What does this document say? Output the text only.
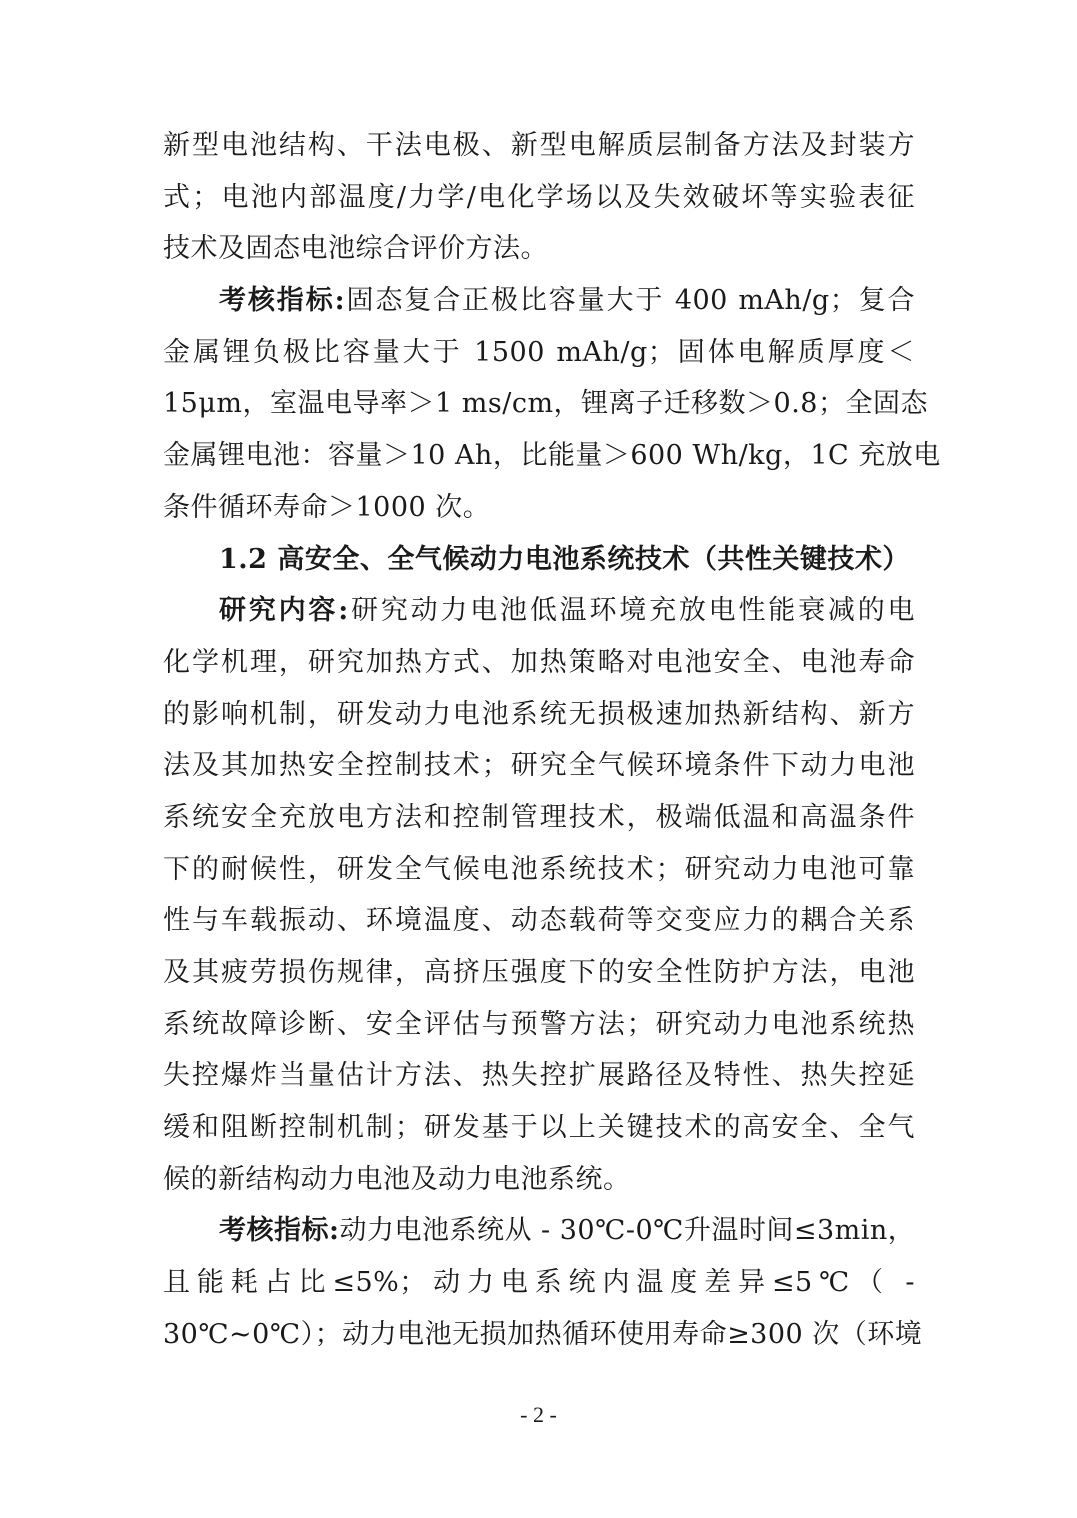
新型电池结构、干法电极、新型电解质层制备方法及封装方
式；电池内部温度/力学/电化学场以及失效破坏等实验表征
技术及固态电池综合评价方法。
考核指标:固态复合正极比容量大于 400 mAh/g；复合
金属锂负极比容量大于 1500 mAh/g；固体电解质厚度＜
15μm，室温电导率＞1 ms/cm，锂离子迁移数＞0.8；全固态
金属锂电池：容量＞10 Ah，比能量＞600 Wh/kg，1C 充放电
条件循环寿命＞1000 次。
1.2 高安全、全气候动力电池系统技术（共性关键技术）
研究内容:研究动力电池低温环境充放电性能衰减的电
化学机理，研究加热方式、加热策略对电池安全、电池寿命
的影响机制，研发动力电池系统无损极速加热新结构、新方
法及其加热安全控制技术；研究全气候环境条件下动力电池
系统安全充放电方法和控制管理技术，极端低温和高温条件
下的耐候性，研发全气候电池系统技术；研究动力电池可靠
性与车载振动、环境温度、动态载荷等交变应力的耦合关系
及其疲劳损伤规律，高挤压强度下的安全性防护方法，电池
系统故障诊断、安全评估与预警方法；研究动力电池系统热
失控爆炸当量估计方法、热失控扩展路径及特性、热失控延
缓和阻断控制机制；研发基于以上关键技术的高安全、全气
候的新结构动力电池及动力电池系统。
考核指标:动力电池系统从 - 30℃-0℃升温时间≤3min，
且能耗占比≤5%；动力电系统内温度差异≤5℃（ -
30℃~0℃）；动力电池无损加热循环使用寿命≥300 次（环境
- 2 -
